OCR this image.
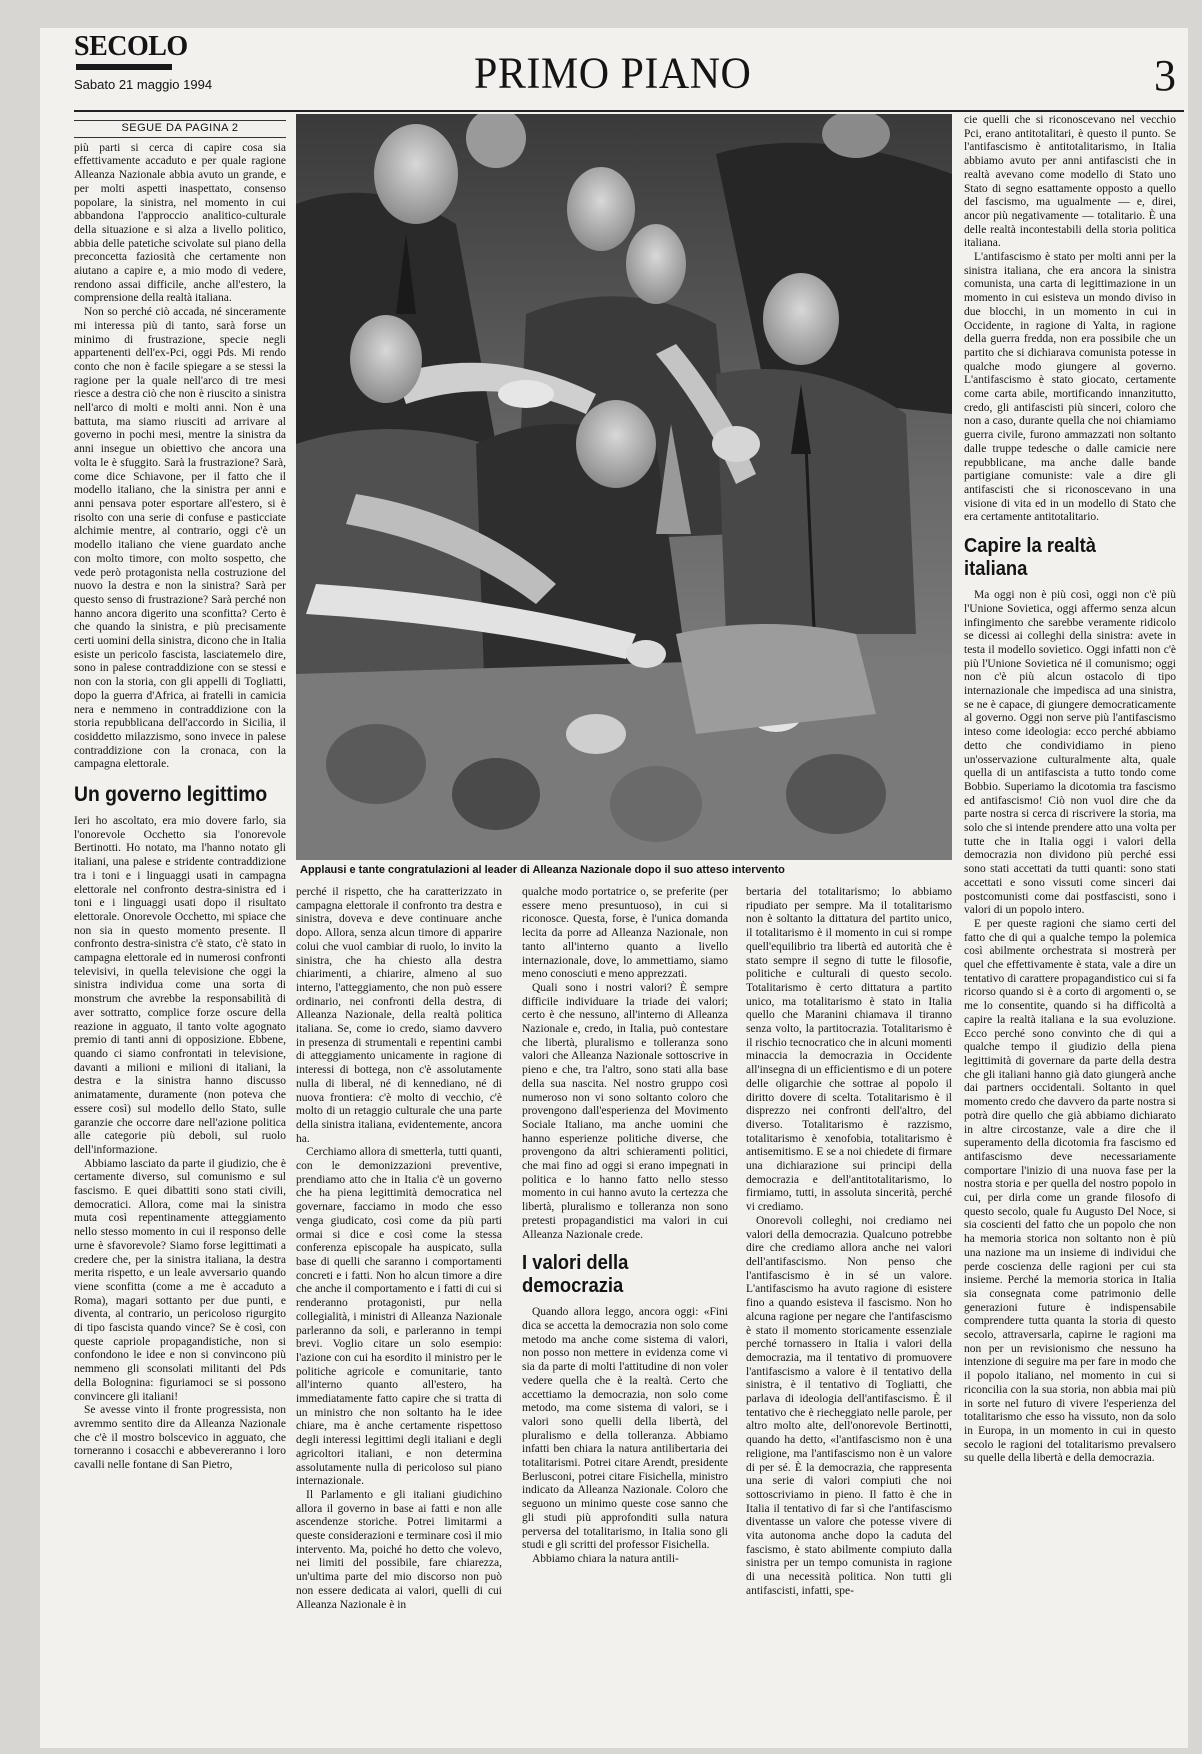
SECOLO
Sabato 21 maggio 1994	PRIMO PIANO	3
SEGUE DA PAGINA 2

più parti si cerca di capire cosa sia effettivamente accaduto e per quale ragione Alleanza Nazionale abbia avuto un grande, e per molti aspetti inaspettato, consenso popolare, la sinistra, nel momento in cui abbandona l'approccio analitico-culturale della situazione e si alza a livello politico, abbia delle patetiche scivolate sul piano della preconcetta faziosità che certamente non aiutano a capire e, a mio modo di vedere, rendono assai difficile, anche all'estero, la comprensione della realtà italiana.

Non so perché ciò accada, né sinceramente mi interessa più di tanto, sarà forse un minimo di frustrazione, specie negli appartenenti dell'ex-Pci, oggi Pds. Mi rendo conto che non è facile spiegare a se stessi la ragione per la quale nell'arco di tre mesi riesce a destra ciò che non è riuscito a sinistra nell'arco di molti e molti anni. Non è una battuta, ma siamo riusciti ad arrivare al governo in pochi mesi, mentre la sinistra da anni insegue un obiettivo che ancora una volta le è sfuggito. Sarà la frustrazione? Sarà, come dice Schiavone, per il fatto che il modello italiano, che la sinistra per anni e anni pensava poter esportare all'estero, si è risolto con una serie di confuse e pasticciate alchimie mentre, al contrario, oggi c'è un modello italiano che viene guardato anche con molto timore, con molto sospetto, che vede però protagonista nella costruzione del nuovo la destra e non la sinistra? Sarà per questo senso di frustrazione? Sarà perché non hanno ancora digerito una sconfitta? Certo è che quando la sinistra, e più precisamente certi uomini della sinistra, dicono che in Italia esiste un pericolo fascista, lasciatemelo dire, sono in palese contraddizione con se stessi e non con la storia, con gli appelli di Togliatti, dopo la guerra d'Africa, ai fratelli in camicia nera e nemmeno in contraddizione con la storia repubblicana dell'accordo in Sicilia, il cosiddetto milazzismo, sono invece in palese contraddizione con la cronaca, con la campagna elettorale.

Un governo legittimo

Ieri ho ascoltato, era mio dovere farlo, sia l'onorevole Occhetto sia l'onorevole Bertinotti. Ho notato, ma l'hanno notato gli italiani, una palese e stridente contraddizione tra i toni e i linguaggi usati in campagna elettorale nel confronto destra-sinistra ed i toni e i linguaggi usati dopo il risultato elettorale. Onorevole Occhetto, mi spiace che non sia in questo momento presente. Il confronto destra-sinistra c'è stato, c'è stato in campagna elettorale ed in numerosi confronti televisivi, in quella televisione che oggi la sinistra individua come una sorta di monstrum che avrebbe la responsabilità di aver sottratto, complice forze oscure della reazione in agguato, il tanto volte agognato premio di tanti anni di opposizione. Ebbene, quando ci siamo confrontati in televisione, davanti a milioni e milioni di italiani, la destra e la sinistra hanno discusso animatamente, duramente (non poteva che essere così) sul modello dello Stato, sulle garanzie che occorre dare nell'azione politica alle categorie più deboli, sul ruolo dell'informazione.

Abbiamo lasciato da parte il giudizio, che è certamente diverso, sul comunismo e sul fascismo. E quei dibattiti sono stati civili, democratici. Allora, come mai la sinistra muta così repentinamente atteggiamento nello stesso momento in cui il responso delle urne è sfavorevole? Siamo forse legittimati a credere che, per la sinistra italiana, la destra merita rispetto, e un leale avversario quando viene sconfitta (come a me è accaduto a Roma), magari sottanto per due punti, e diventa, al contrario, un pericoloso rigurgito di tipo fascista quando vince? Se è così, con queste capriole propagandistiche, non si confondono le idee e non si convincono più nemmeno gli sconsolati militanti del Pds della Bolognina: figuriamoci se si possono convincere gli italiani!

Se avesse vinto il fronte progressista, non avremmo sentito dire da Alleanza Nazionale che c'è il mostro bolscevico in agguato, che torneranno i cosacchi e abbevereranno i loro cavalli nelle fontane di San Pietro,

Applausi e tante congratulazioni al leader di Alleanza Nazionale dopo il suo atteso intervento

perché il rispetto, che ha caratterizzato in campagna elettorale il confronto tra destra e sinistra, doveva e deve continuare anche dopo. Allora, senza alcun timore di apparire colui che vuol cambiar di ruolo, lo invito la sinistra, che ha chiesto alla destra chiarimenti, a chiarire, almeno al suo interno, l'atteggiamento, che non può essere ordinario, nei confronti della destra, di Alleanza Nazionale, della realtà politica italiana. Se, come io credo, siamo davvero in presenza di strumentali e repentini cambi di atteggiamento unicamente in ragione di interessi di bottega, non c'è assolutamente nulla di liberal, né di kennediano, né di nuova frontiera: c'è molto di vecchio, c'è molto di un retaggio culturale che una parte della sinistra italiana, evidentemente, ancora ha.

Cerchiamo allora di smetterla, tutti quanti, con le demonizzazioni preventive, prendiamo atto che in Italia c'è un governo che ha piena legittimità democratica nel governare, facciamo in modo che esso venga giudicato, così come da più parti ormai si dice e così come la stessa conferenza episcopale ha auspicato, sulla base di quelli che saranno i comportamenti concreti e i fatti. Non ho alcun timore a dire che anche il comportamento e i fatti di cui si renderanno protagonisti, pur nella collegialità, i ministri di Alleanza Nazionale parleranno da soli, e parleranno in tempi brevi. Voglio citare un solo esempio: l'azione con cui ha esordito il ministro per le politiche agricole e comunitarie, tanto all'interno quanto all'estero, ha immediatamente fatto capire che si tratta di un ministro che non soltanto ha le idee chiare, ma è anche certamente rispettoso degli interessi legittimi degli italiani e degli agricoltori italiani, e non determina assolutamente nulla di pericoloso sul piano internazionale.

Il Parlamento e gli italiani giudichino allora il governo in base ai fatti e non alle ascendenze storiche. Potrei limitarmi a queste considerazioni e terminare così il mio intervento. Ma, poiché ho detto che volevo, nei limiti del possibile, fare chiarezza, un'ultima parte del mio discorso non può non essere dedicata ai valori, quelli di cui Alleanza Nazionale è in

qualche modo portatrice o, se preferite (per essere meno presuntuoso), in cui si riconosce. Questa, forse, è l'unica domanda lecita da porre ad Alleanza Nazionale, non tanto all'interno quanto a livello internazionale, dove, lo ammettiamo, siamo meno conosciuti e meno apprezzati.

Quali sono i nostri valori? È sempre difficile individuare la triade dei valori; certo è che nessuno, all'interno di Alleanza Nazionale e, credo, in Italia, può contestare che libertà, pluralismo e tolleranza sono valori che Alleanza Nazionale sottoscrive in pieno e che, tra l'altro, sono stati alla base della sua nascita. Nel nostro gruppo così numeroso non vi sono soltanto coloro che provengono dall'esperienza del Movimento Sociale Italiano, ma anche uomini che hanno esperienze politiche diverse, che provengono da altri schieramenti politici, che mai fino ad oggi si erano impegnati in politica e lo hanno fatto nello stesso momento in cui hanno avuto la certezza che libertà, pluralismo e tolleranza non sono pretesti propagandistici ma valori in cui Alleanza Nazionale crede.

I valori della democrazia

Quando allora leggo, ancora oggi: «Fini dica se accetta la democrazia non solo come metodo ma anche come sistema di valori, non posso non mettere in evidenza come vi sia da parte di molti l'attitudine di non voler vedere quella che è la realtà. Certo che accettiamo la democrazia, non solo come metodo, ma come sistema di valori, se i valori sono quelli della libertà, del pluralismo e della tolleranza. Abbiamo infatti ben chiara la natura antilibertaria dei totalitarismi. Potrei citare Arendt, presidente Berlusconi, potrei citare Fisichella, ministro indicato da Alleanza Nazionale. Coloro che seguono un minimo queste cose sanno che gli studi più approfonditi sulla natura perversa del totalitarismo, in Italia sono gli studi e gli scritti del professor Fisichella.

Abbiamo chiara la natura antili-

bertaria del totalitarismo; lo abbiamo ripudiato per sempre. Ma il totalitarismo non è soltanto la dittatura del partito unico, il totalitarismo è il momento in cui si rompe quell'equilibrio tra libertà ed autorità che è stato sempre il segno di tutte le filosofie, politiche e culturali di questo secolo. Totalitarismo è certo dittatura a partito unico, ma totalitarismo è stato in Italia quello che Maranini chiamava il tiranno senza volto, la partitocrazia. Totalitarismo è il rischio tecnocratico che in alcuni momenti minaccia la democrazia in Occidente all'insegna di un efficientismo e di un potere delle oligarchie che sottrae al popolo il diritto dovere di scelta. Totalitarismo è il disprezzo nei confronti dell'altro, del diverso. Totalitarismo è razzismo, totalitarismo è xenofobia, totalitarismo è antisemitismo. E se a noi chiedete di firmare una dichiarazione sui principi della democrazia e dell'antitotalitarismo, lo firmiamo, tutti, in assoluta sincerità, perché vi crediamo.

Onorevoli colleghi, noi crediamo nei valori della democrazia. Qualcuno potrebbe dire che crediamo allora anche nei valori dell'antifascismo. Non penso che l'antifascismo è in sé un valore. L'antifascismo ha avuto ragione di esistere fino a quando esisteva il fascismo. Non ho alcuna ragione per negare che l'antifascismo è stato il momento storicamente essenziale perché tornassero in Italia i valori della democrazia, ma il tentativo di promuovere l'antifascismo a valore è il tentativo della sinistra, è il tentativo di Togliatti, che parlava di ideologia dell'antifascismo. È il tentativo che è riecheggiato nelle parole, per altro molto alte, dell'onorevole Bertinotti, quando ha detto, «l'antifascismo non è una religione, ma l'antifascismo non è un valore di per sé. È la democrazia, che rappresenta una serie di valori compiuti che noi sottoscriviamo in pieno. Il fatto è che in Italia il tentativo di far sì che l'antifascismo diventasse un valore che potesse vivere di vita autonoma anche dopo la caduta del fascismo, è stato abilmente compiuto dalla sinistra per un tempo comunista in ragione di una necessità politica. Non tutti gli antifascisti, infatti, spe-

cie quelli che si riconoscevano nel vecchio Pci, erano antitotalitari, è questo il punto. Se l'antifascismo è antitotalitarismo, in Italia abbiamo avuto per anni antifascisti che in realtà avevano come modello di Stato uno Stato di segno esattamente opposto a quello del fascismo, ma ugualmente — e, direi, ancor più negativamente — totalitario. È una delle realtà incontestabili della storia politica italiana.

L'antifascismo è stato per molti anni per la sinistra italiana, che era ancora la sinistra comunista, una carta di legittimazione in un momento in cui esisteva un mondo diviso in due blocchi, in un momento in cui in Occidente, in ragione di Yalta, in ragione della guerra fredda, non era possibile che un partito che si dichiarava comunista potesse in qualche modo giungere al governo. L'antifascismo è stato giocato, certamente come carta abile, mortificando innanzitutto, credo, gli antifascisti più sinceri, coloro che non a caso, durante quella che noi chiamiamo guerra civile, furono ammazzati non soltanto dalle truppe tedesche o dalle camicie nere repubblicane, ma anche dalle bande partigiane comuniste: vale a dire gli antifascisti che si riconoscevano in una visione di vita ed in un modello di Stato che era certamente antitotalitario.

Capire la realtà italiana

Ma oggi non è più così, oggi non c'è più l'Unione Sovietica, oggi affermo senza alcun infingimento che sarebbe veramente ridicolo se dicessi ai colleghi della sinistra: avete in testa il modello sovietico. Oggi infatti non c'è più l'Unione Sovietica né il comunismo; oggi non c'è più alcun ostacolo di tipo internazionale che impedisca ad una sinistra, se ne è capace, di giungere democraticamente al governo. Oggi non serve più l'antifascismo inteso come ideologia: ecco perché abbiamo detto che condividiamo in pieno un'osservazione culturalmente alta, quale quella di un antifascista a tutto tondo come Bobbio. Superiamo la dicotomia tra fascismo ed antifascismo! Ciò non vuol dire che da parte nostra si cerca di riscrivere la storia, ma solo che si intende prendere atto una volta per tutte che in Italia oggi i valori della democrazia non dividono più perché essi sono stati accettati da tutti quanti: sono stati accettati e sono vissuti come sinceri dai postcomunisti come dai postfascisti, sono i valori di un popolo intero.

E per queste ragioni che siamo certi del fatto che di qui a qualche tempo la polemica così abilmente orchestrata si mostrerà per quel che effettivamente è stata, vale a dire un tentativo di carattere propagandistico cui si fa ricorso quando si è a corto di argomenti o, se me lo consentite, quando si ha difficoltà a capire la realtà italiana e la sua evoluzione. Ecco perché sono convinto che di qui a qualche tempo il giudizio della piena legittimità di governare da parte della destra che gli italiani hanno già dato giungerà anche dai partners occidentali. Soltanto in quel momento credo che davvero da parte nostra si potrà dire quello che già abbiamo dichiarato in altre circostanze, vale a dire che il superamento della dicotomia fra fascismo ed antifascismo deve necessariamente comportare l'inizio di una nuova fase per la nostra storia e per quella del nostro popolo in cui, per dirla come un grande filosofo di questo secolo, quale fu Augusto Del Noce, si sia coscienti del fatto che un popolo che non ha memoria storica non soltanto non è più una nazione ma un insieme di individui che perde coscienza delle ragioni per cui sta insieme. Perché la memoria storica in Italia sia consegnata come patrimonio delle generazioni future è indispensabile comprendere tutta quanta la storia di questo secolo, attraversarla, capirne le ragioni ma non per un revisionismo che nessuno ha intenzione di seguire ma per fare in modo che il popolo italiano, nel momento in cui si riconcilia con la sua storia, non abbia mai più in sorte nel futuro di vivere l'esperienza del totalitarismo che esso ha vissuto, non da solo in Europa, in un momento in cui in questo secolo le ragioni del totalitarismo prevalsero su quelle della libertà e della democrazia.
